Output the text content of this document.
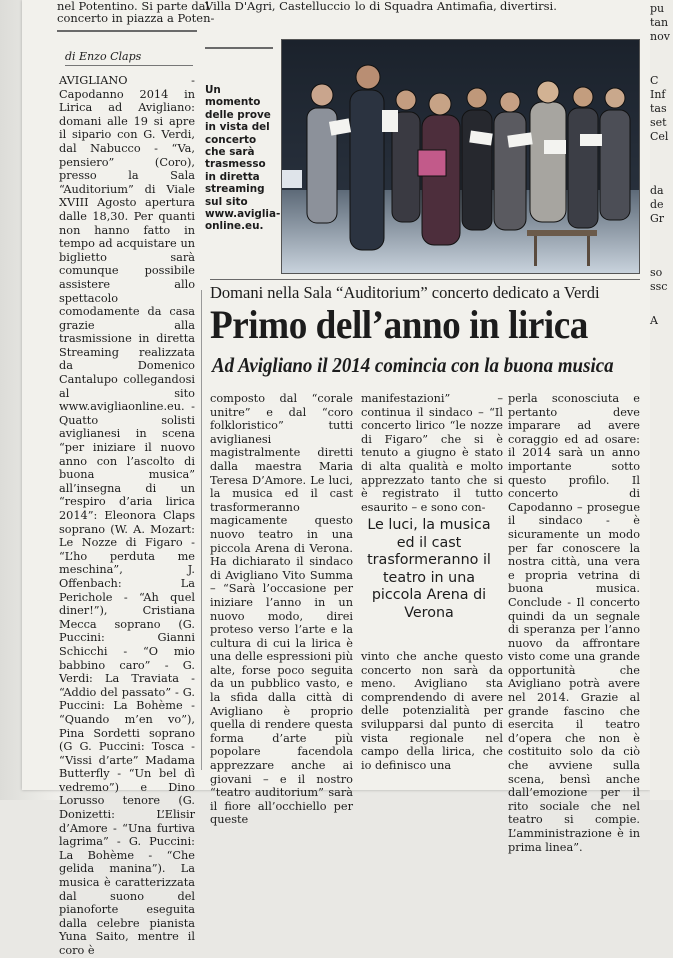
nel Potentino. Si parte dal
concerto in piazza a Poten-
Villa D'Agri, Castelluccio lo di Squadra Antimafia, divertirsi.
di Enzo Claps

AVIGLIANO - Capodanno 2014 in Lirica ad Avigliano: domani alle 19 si apre il sipario con G. Verdi, dal Nabucco - “Va, pensiero” (Coro), presso la Sala “Auditorium” di Viale XVIII Agosto apertura dalle 18,30. Per quanti non hanno fatto in tempo ad acquistare un biglietto sarà comunque possibile assistere allo spettacolo comodamente da casa grazie alla trasmissione in diretta Streaming realizzata da Domenico Cantalupo collegandosi al sito www.avigliaonline.eu. - Quatto solisti aviglianesi in scena “per iniziare il nuovo anno con l’ascolto di buona musica” all’insegna di un “respiro d’aria lirica 2014”: Eleonora Claps soprano (W. A. Mozart: Le Nozze di Figaro - “L’ho perduta me meschina”, J. Offenbach: La Perichole - “Ah quel diner!”), Cristiana Mecca soprano (G. Puccini: Gianni Schicchi - “O mio babbino caro” - G. Verdi: La Traviata - “Addio del passato” - G. Puccini: La Bohème - “Quando m’en vo”), Pina Sordetti soprano (G G. Puccini: Tosca - “Vissi d’arte” Madama Butterfly - “Un bel dì vedremo”) e Dino Lorusso tenore (G. Donizetti: L’Elisir d’Amore - “Una furtiva lagrima” - G. Puccini: La Bohème - “Che gelida manina”). La musica è caratterizzata dal suono del pianoforte eseguita dalla celebre pianista Yuna Saito, mentre il coro è

Un momento delle prove in vista del concerto che sarà trasmesso in diretta streaming sul sito www.aviglia-online.eu.
Domani nella Sala “Auditorium” concerto dedicato a Verdi
Primo dell’anno in lirica
Ad Avigliano il 2014 comincia con la buona musica

composto dal “corale unitre” e dal “coro folkloristico” tutti aviglianesi magistralmente diretti dalla maestra Maria Teresa D’Amore. Le luci, la musica ed il cast trasformeranno magicamente questo nuovo teatro in una piccola Arena di Verona. Ha dichiarato il sindaco di Avigliano Vito Summa – “Sarà l’occasione per iniziare l’anno in un nuovo modo, direi proteso verso l’arte e la cultura di cui la lirica è una delle espressioni più alte, forse poco seguita da un pubblico vasto, e la sfida dalla città di Avigliano è proprio quella di rendere questa forma d’arte più popolare facendola apprezzare anche ai giovani – e il nostro “teatro auditorium” sarà il fiore all’occhiello per queste

manifestazioni” – continua il sindaco – “Il concerto lirico “le nozze di Figaro” che si è tenuto a giugno è stato di alta qualità e molto apprezzato tanto che si è registrato il tutto esaurito – e sono con-

Le luci, la musica ed il cast trasformeranno il teatro in una piccola Arena di Verona

vinto che anche questo concerto non sarà da meno. Avigliano sta comprendendo di avere delle potenzialità per svilupparsi dal punto di vista regionale nel campo della lirica, che io definisco una

perla sconosciuta e pertanto deve imparare ad avere coraggio ed ad osare: il 2014 sarà un anno importante sotto questo profilo. Il concerto di Capodanno – prosegue il sindaco - è sicuramente un modo per far conoscere la nostra città, una vera e propria vetrina di buona musica. Conclude - Il concerto quindi da un segnale di speranza per l’anno nuovo da affrontare visto come una grande opportunità che Avigliano potrà avere nel 2014. Grazie al grande fascino che esercita il teatro d’opera che non è costituito solo da ciò che avviene sulla scena, bensì anche dall’emozione per il rito sociale che nel teatro si compie. L’amministrazione è in prima linea”.

pu
tan
nov
C
Inf
tas
set
Cel
da
de
Gr
so
ssc
A
